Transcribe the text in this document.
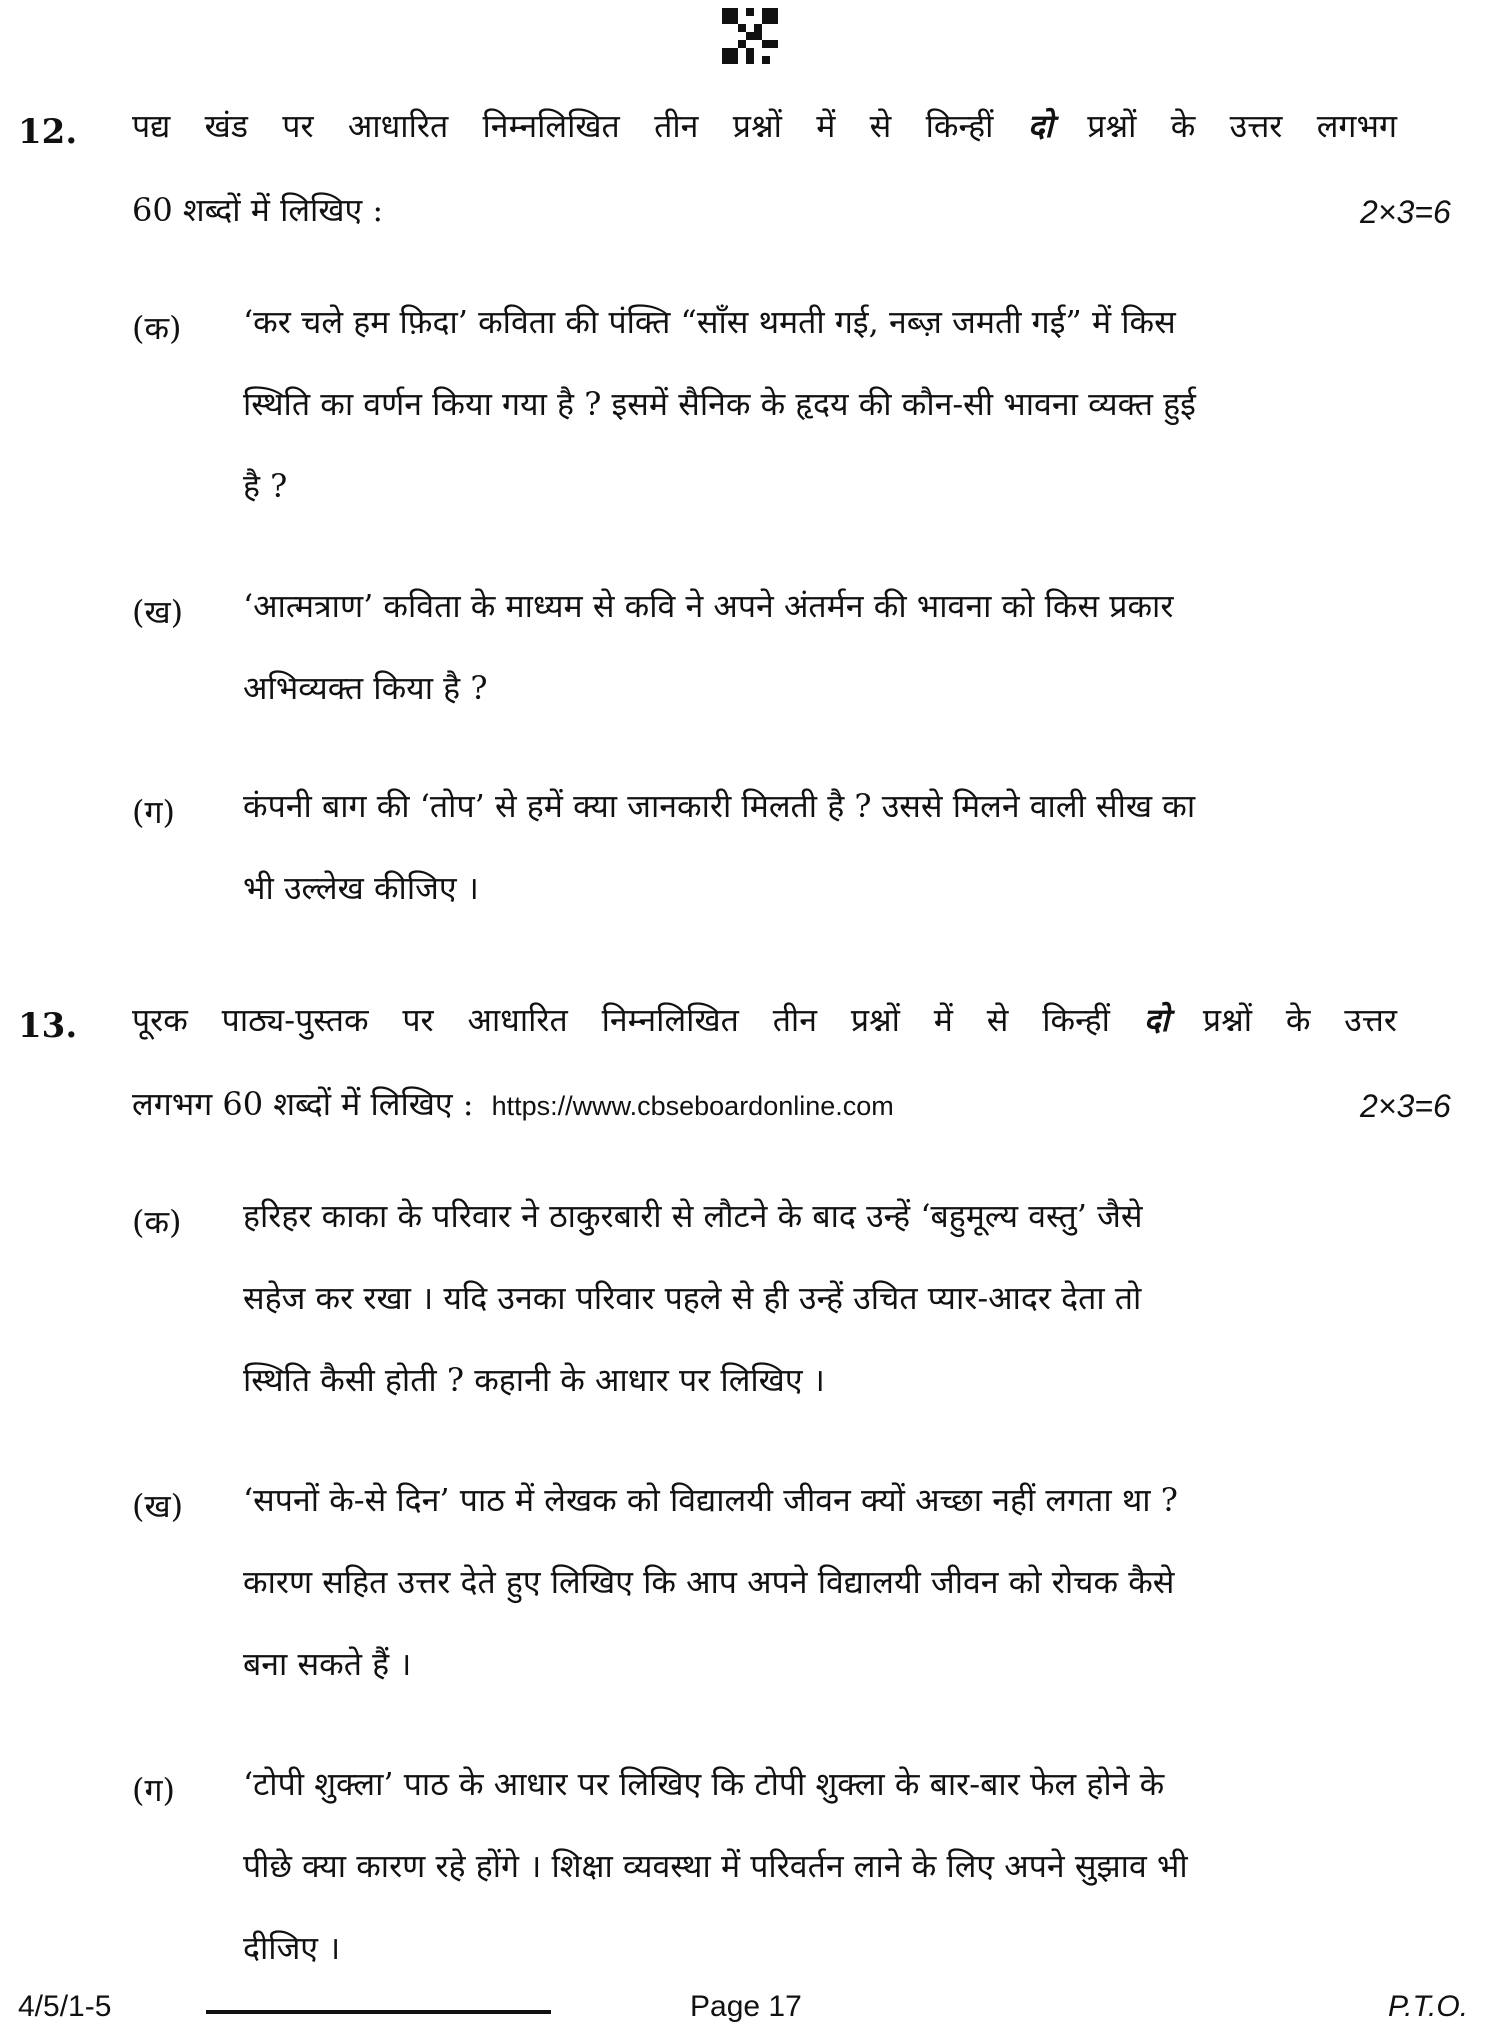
12. पद्य खंड पर आधारित निम्नलिखित तीन प्रश्नों में से किन्हीं दो प्रश्नों के उत्तर लगभग
60 शब्दों में लिखिए :	2×3=6
(क) ‘कर चले हम फ़िदा’ कविता की पंक्ति “साँस थमती गई, नब्ज़ जमती गई” में किस
स्थिति का वर्णन किया गया है ? इसमें सैनिक के हृदय की कौन-सी भावना व्यक्त हुई
है ?
(ख) ‘आत्मत्राण’ कविता के माध्यम से कवि ने अपने अंतर्मन की भावना को किस प्रकार
अभिव्यक्त किया है ?
(ग) कंपनी बाग की ‘तोप’ से हमें क्या जानकारी मिलती है ? उससे मिलने वाली सीख का
भी उल्लेख कीजिए ।
13. पूरक पाठ्य-पुस्तक पर आधारित निम्नलिखित तीन प्रश्नों में से किन्हीं दो प्रश्नों के उत्तर
लगभग 60 शब्दों में लिखिए : https://www.cbseboardonline.com	2×3=6
(क) हरिहर काका के परिवार ने ठाकुरबारी से लौटने के बाद उन्हें ‘बहुमूल्य वस्तु’ जैसे
सहेज कर रखा । यदि उनका परिवार पहले से ही उन्हें उचित प्यार-आदर देता तो
स्थिति कैसी होती ? कहानी के आधार पर लिखिए ।
(ख) ‘सपनों के-से दिन’ पाठ में लेखक को विद्यालयी जीवन क्यों अच्छा नहीं लगता था ?
कारण सहित उत्तर देते हुए लिखिए कि आप अपने विद्यालयी जीवन को रोचक कैसे
बना सकते हैं ।
(ग) ‘टोपी शुक्ला’ पाठ के आधार पर लिखिए कि टोपी शुक्ला के बार-बार फेल होने के
पीछे क्या कारण रहे होंगे । शिक्षा व्यवस्था में परिवर्तन लाने के लिए अपने सुझाव भी
दीजिए ।
4/5/1-5	Page 17	P.T.O.
